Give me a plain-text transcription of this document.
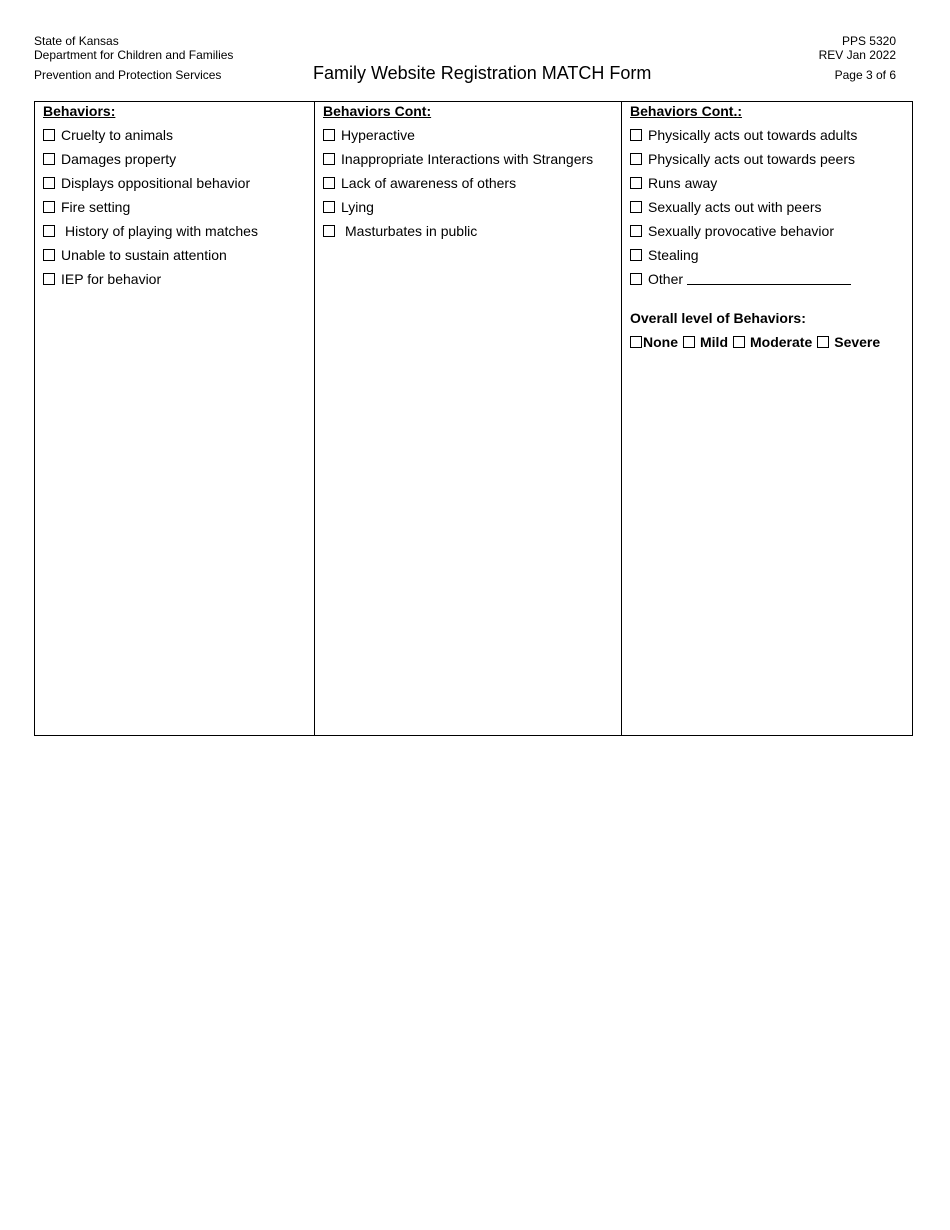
State of Kansas
Department for Children and Families
Prevention and Protection Services	Family Website Registration MATCH Form
PPS 5320
REV Jan 2022
Page 3 of 6
Behaviors:
Cruelty to animals
Damages property
Displays oppositional behavior
Fire setting
History of playing with matches
Unable to sustain attention
IEP for behavior
Behaviors Cont:
Hyperactive
Inappropriate Interactions with Strangers
Lack of awareness of others
Lying
Masturbates in public
Behaviors Cont.:
Physically acts out towards adults
Physically acts out towards peers
Runs away
Sexually acts out with peers
Sexually provocative behavior
Stealing
Other
Overall level of Behaviors:
None Mild Moderate Severe
